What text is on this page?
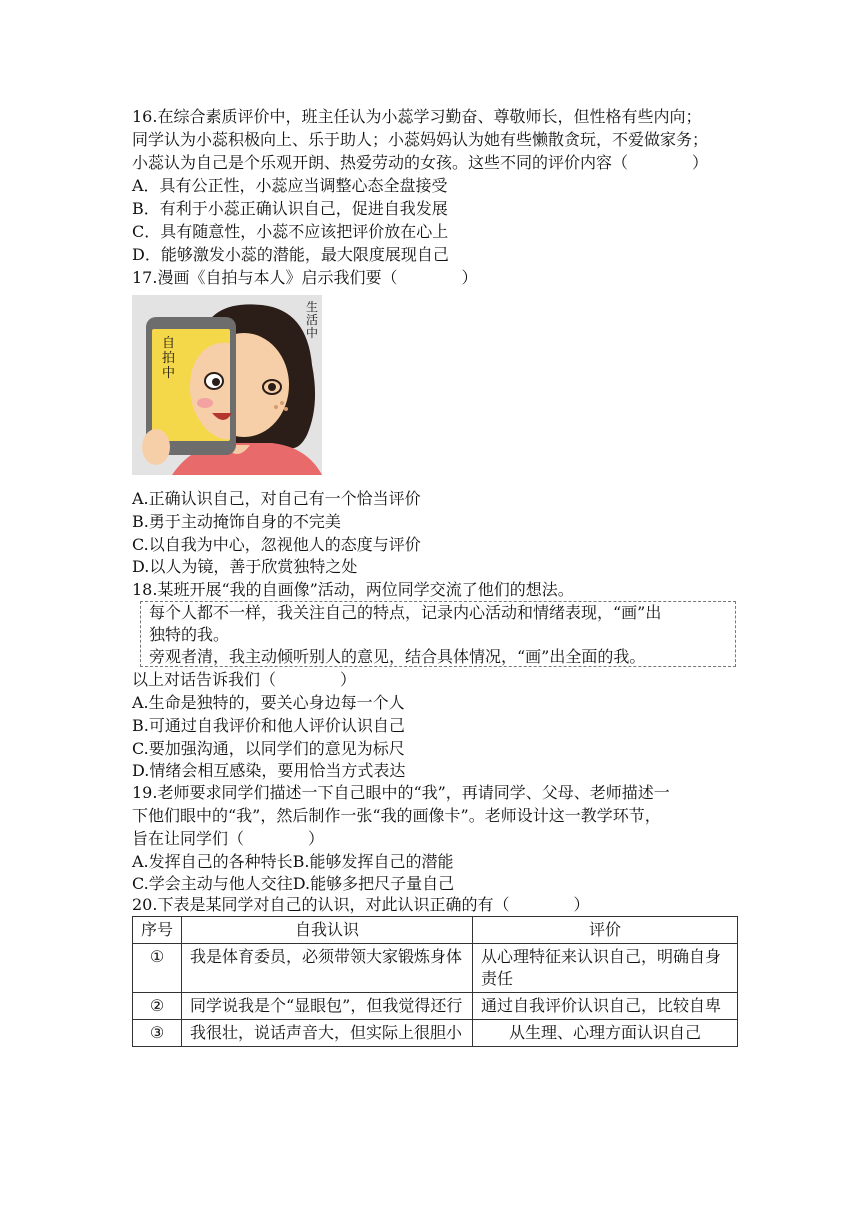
16.在综合素质评价中，班主任认为小蕊学习勤奋、尊敬师长，但性格有些内向；
同学认为小蕊积极向上、乐于助人；小蕊妈妈认为她有些懒散贪玩，不爱做家务；
小蕊认为自己是个乐观开朗、热爱劳动的女孩。这些不同的评价内容（　　　　）
A．具有公正性，小蕊应当调整心态全盘接受
B．有利于小蕊正确认识自己，促进自我发展
C．具有随意性，小蕊不应该把评价放在心上
D．能够激发小蕊的潜能，最大限度展现自己
17.漫画《自拍与本人》启示我们要（　　　　）
自拍中
生活中
A.正确认识自己，对自己有一个恰当评价
B.勇于主动掩饰自身的不完美
C.以自我为中心，忽视他人的态度与评价
D.以人为镜，善于欣赏独特之处
18.某班开展“我的自画像”活动，两位同学交流了他们的想法。
每个人都不一样，我关注自己的特点，记录内心活动和情绪表现，“画”出
独特的我。
旁观者清，我主动倾听别人的意见，结合具体情况，“画”出全面的我。
以上对话告诉我们（　　　　）
A.生命是独特的，要关心身边每一个人
B.可通过自我评价和他人评价认识自己
C.要加强沟通，以同学们的意见为标尺
D.情绪会相互感染，要用恰当方式表达
19.老师要求同学们描述一下自己眼中的“我”，再请同学、父母、老师描述一
下他们眼中的“我”，然后制作一张“我的画像卡”。老师设计这一教学环节，
旨在让同学们（　　　　）
A.发挥自己的各种特长B.能够发挥自己的潜能
C.学会主动与他人交往D.能够多把尺子量自己
20.下表是某同学对自己的认识，对此认识正确的有（　　　　）
序号	自我认识	评价
①	我是体育委员，必须带领大家锻炼身体	从心理特征来认识自己，明确自身责任
②	同学说我是个“显眼包”，但我觉得还行	通过自我评价认识自己，比较自卑
③	我很壮，说话声音大，但实际上很胆小	从生理、心理方面认识自己
